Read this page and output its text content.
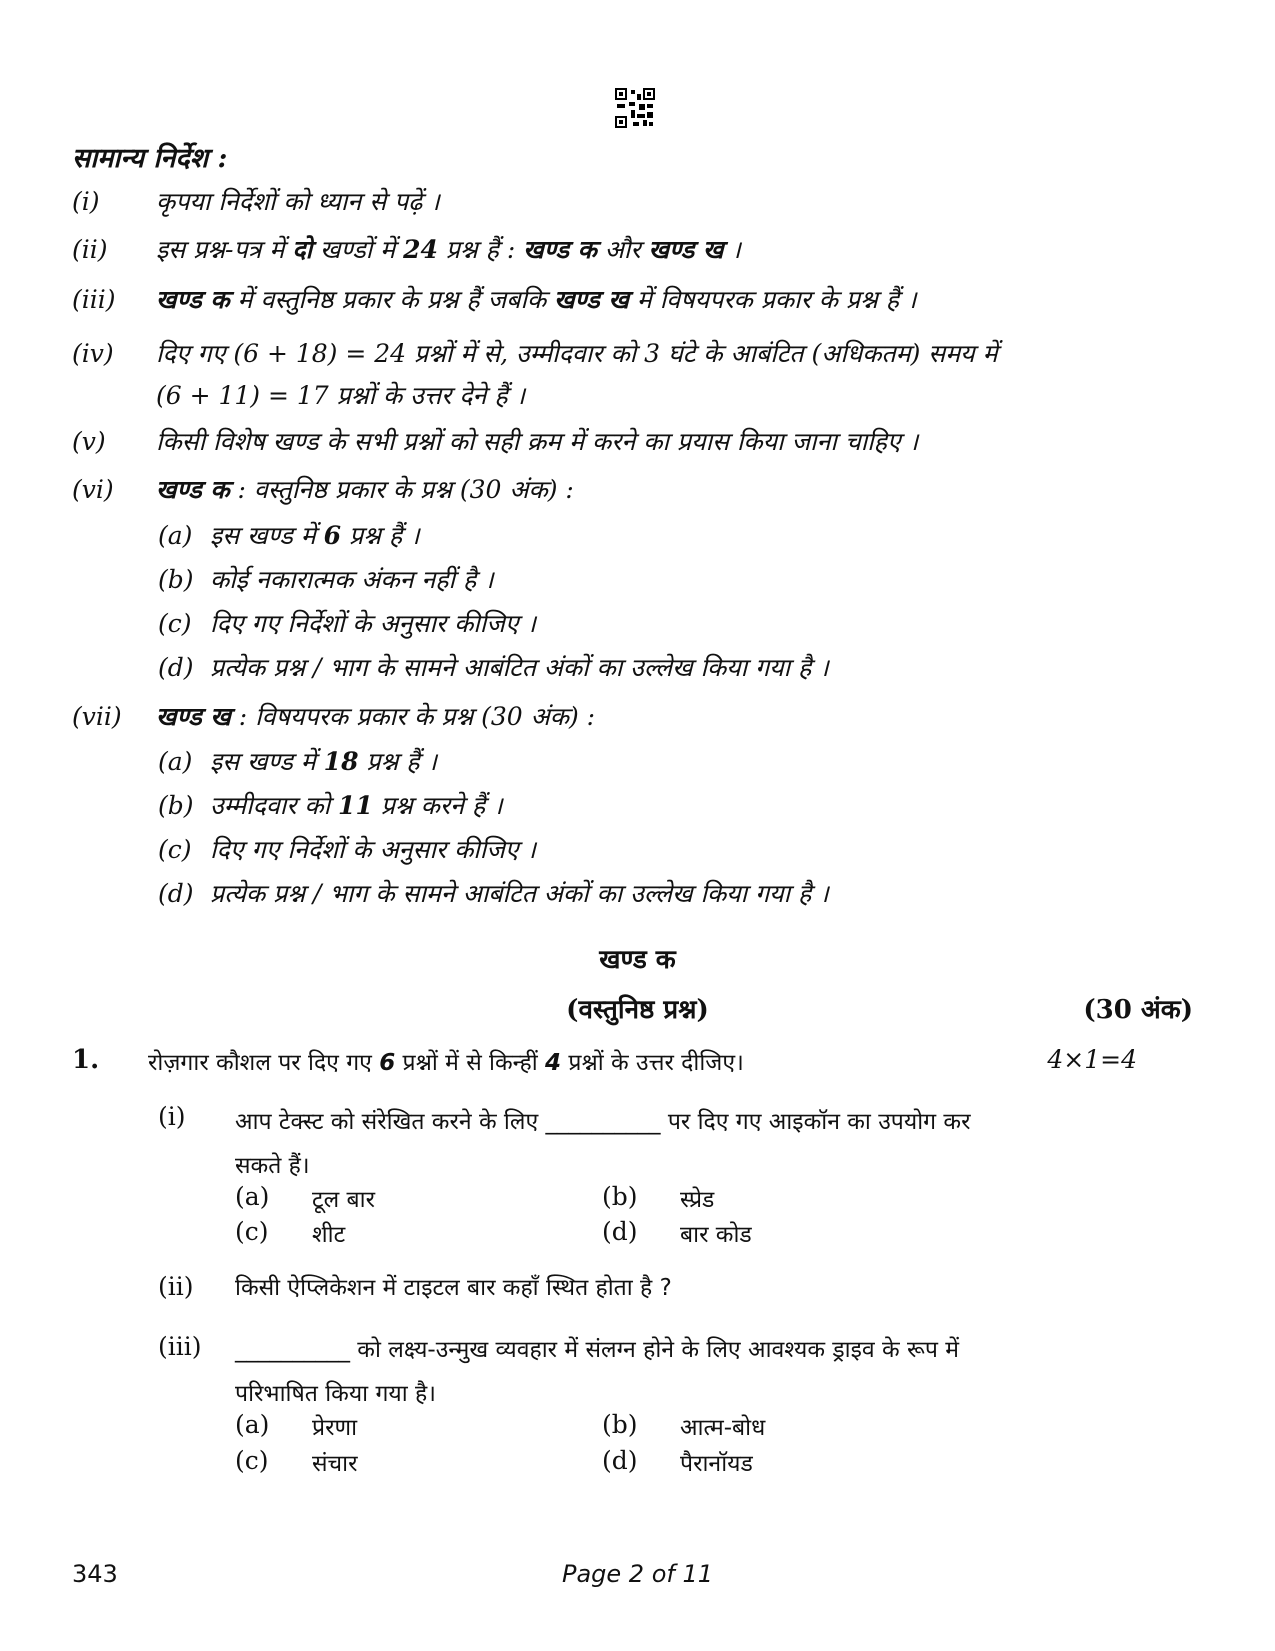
सामान्य निर्देश :
(i) कृपया निर्देशों को ध्यान से पढ़ें ।
(ii) इस प्रश्न-पत्र में दो खण्डों में 24 प्रश्न हैं : खण्ड क और खण्ड ख ।
(iii) खण्ड क में वस्तुनिष्ठ प्रकार के प्रश्न हैं जबकि खण्ड ख में विषयपरक प्रकार के प्रश्न हैं ।
(iv) दिए गए (6 + 18) = 24 प्रश्नों में से, उम्मीदवार को 3 घंटे के आबंटित (अधिकतम) समय में
(6 + 11) = 17 प्रश्नों के उत्तर देने हैं ।
(v) किसी विशेष खण्ड के सभी प्रश्नों को सही क्रम में करने का प्रयास किया जाना चाहिए ।
(vi) खण्ड क : वस्तुनिष्ठ प्रकार के प्रश्न (30 अंक) :
(a) इस खण्ड में 6 प्रश्न हैं ।
(b) कोई नकारात्मक अंकन नहीं है ।
(c) दिए गए निर्देशों के अनुसार कीजिए ।
(d) प्रत्येक प्रश्न / भाग के सामने आबंटित अंकों का उल्लेख किया गया है ।
(vii) खण्ड ख : विषयपरक प्रकार के प्रश्न (30 अंक) :
(a) इस खण्ड में 18 प्रश्न हैं ।
(b) उम्मीदवार को 11 प्रश्न करने हैं ।
(c) दिए गए निर्देशों के अनुसार कीजिए ।
(d) प्रत्येक प्रश्न / भाग के सामने आबंटित अंकों का उल्लेख किया गया है ।
खण्ड क
(वस्तुनिष्ठ प्रश्न)	(30 अंक)
1. रोज़गार कौशल पर दिए गए 6 प्रश्नों में से किन्हीं 4 प्रश्नों के उत्तर दीजिए।	4×1=4
(i) आप टेक्स्ट को संरेखित करने के लिए __________ पर दिए गए आइकॉन का उपयोग कर
सकते हैं।
(a) टूल बार	(b) स्प्रेड
(c) शीट	(d) बार कोड
(ii) किसी ऐप्लिकेशन में टाइटल बार कहाँ स्थित होता है ?
(iii) __________ को लक्ष्य-उन्मुख व्यवहार में संलग्न होने के लिए आवश्यक ड्राइव के रूप में
परिभाषित किया गया है।
(a) प्रेरणा	(b) आत्म-बोध
(c) संचार	(d) पैरानॉयड
343	Page 2 of 11
